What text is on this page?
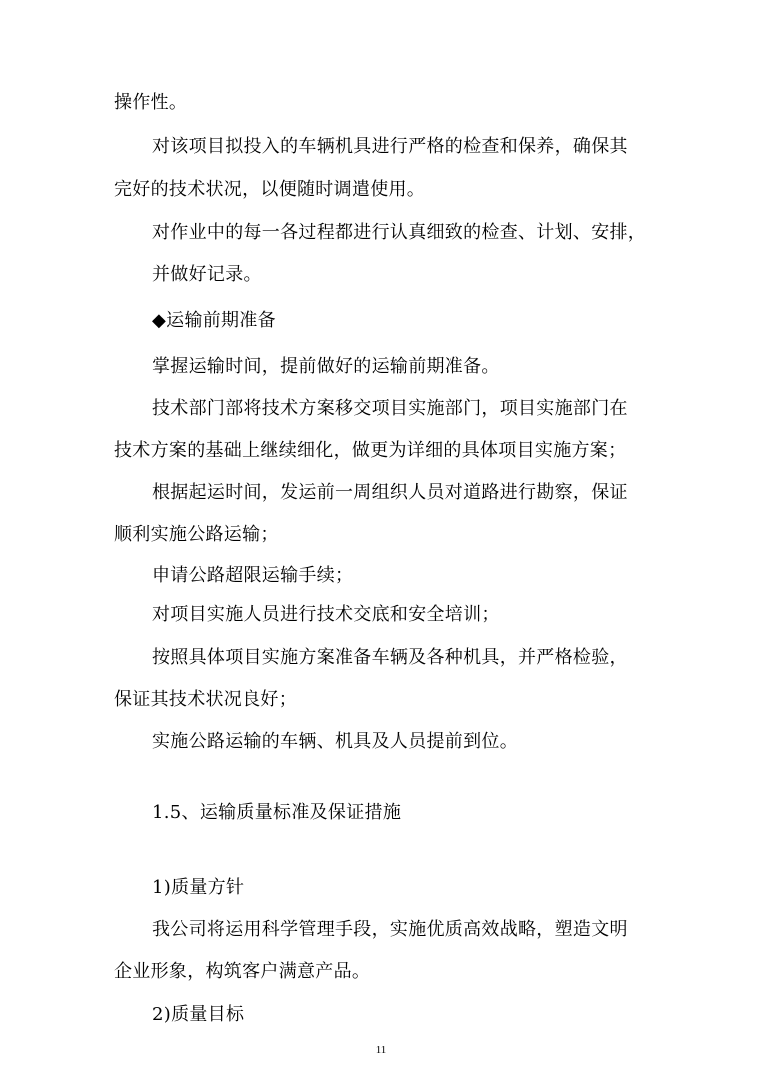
操作性。
对该项目拟投入的车辆机具进行严格的检查和保养，确保其
完好的技术状况，以便随时调遣使用。
对作业中的每一各过程都进行认真细致的检查、计划、安排，
并做好记录。
◆运输前期准备
掌握运输时间，提前做好的运输前期准备。
技术部门部将技术方案移交项目实施部门，项目实施部门在
技术方案的基础上继续细化，做更为详细的具体项目实施方案；
根据起运时间，发运前一周组织人员对道路进行勘察，保证
顺利实施公路运输；
申请公路超限运输手续；
对项目实施人员进行技术交底和安全培训；
按照具体项目实施方案准备车辆及各种机具，并严格检验，
保证其技术状况良好；
实施公路运输的车辆、机具及人员提前到位。
1.5、运输质量标准及保证措施
1)质量方针
我公司将运用科学管理手段，实施优质高效战略，塑造文明
企业形象，构筑客户满意产品。
2)质量目标
11
